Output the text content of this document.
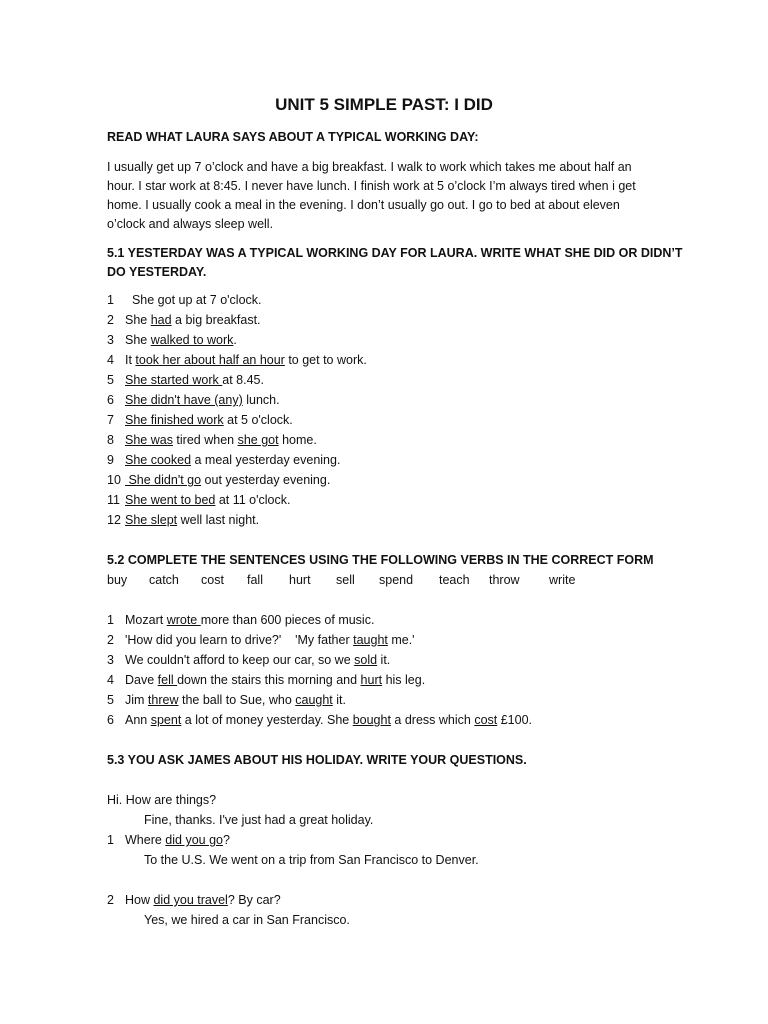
UNIT 5 SIMPLE PAST: I DID
READ WHAT LAURA SAYS ABOUT A TYPICAL WORKING DAY:
I usually get up 7 o’clock and have a big breakfast. I walk to work which takes me about half an
hour. I star work at 8:45. I never have lunch. I finish work at 5 o’clock I’m always tired when i get
home. I usually cook a meal in the evening. I don’t usually go out. I go to bed at about eleven
o’clock and always sleep well.
5.1 YESTERDAY WAS A TYPICAL WORKING DAY FOR LAURA. WRITE WHAT SHE DID OR DIDN’T
DO YESTERDAY.
1  She got up at 7 o'clock.
2 She had a big breakfast.
3 She walked to work.
4 It took her about half an hour to get to work.
5 She started work at 8.45.
6 She didn't have (any) lunch.
7 She finished work at 5 o'clock.
8 She was tired when she got home.
9 She cooked a meal yesterday evening.
10 She didn't go out yesterday evening.
11 She went to bed at 11 o'clock.
12 She slept well last night.
5.2 COMPLETE THE SENTENCES USING THE FOLLOWING VERBS IN THE CORRECT FORM
buy catch cost fall hurt sell spend teach throw write
1 Mozart wrote more than 600 pieces of music.
2 'How did you learn to drive?'    'My father taught me.'
3 We couldn't afford to keep our car, so we sold it.
4 Dave fell down the stairs this morning and hurt his leg.
5 Jim threw the ball to Sue, who caught it.
6 Ann spent a lot of money yesterday. She bought a dress which cost £100.
5.3 YOU ASK JAMES ABOUT HIS HOLIDAY. WRITE YOUR QUESTIONS.
Hi. How are things?
Fine, thanks. I've just had a great holiday.
1 Where did you go?
To the U.S. We went on a trip from San Francisco to Denver.
2 How did you travel? By car?
Yes, we hired a car in San Francisco.
